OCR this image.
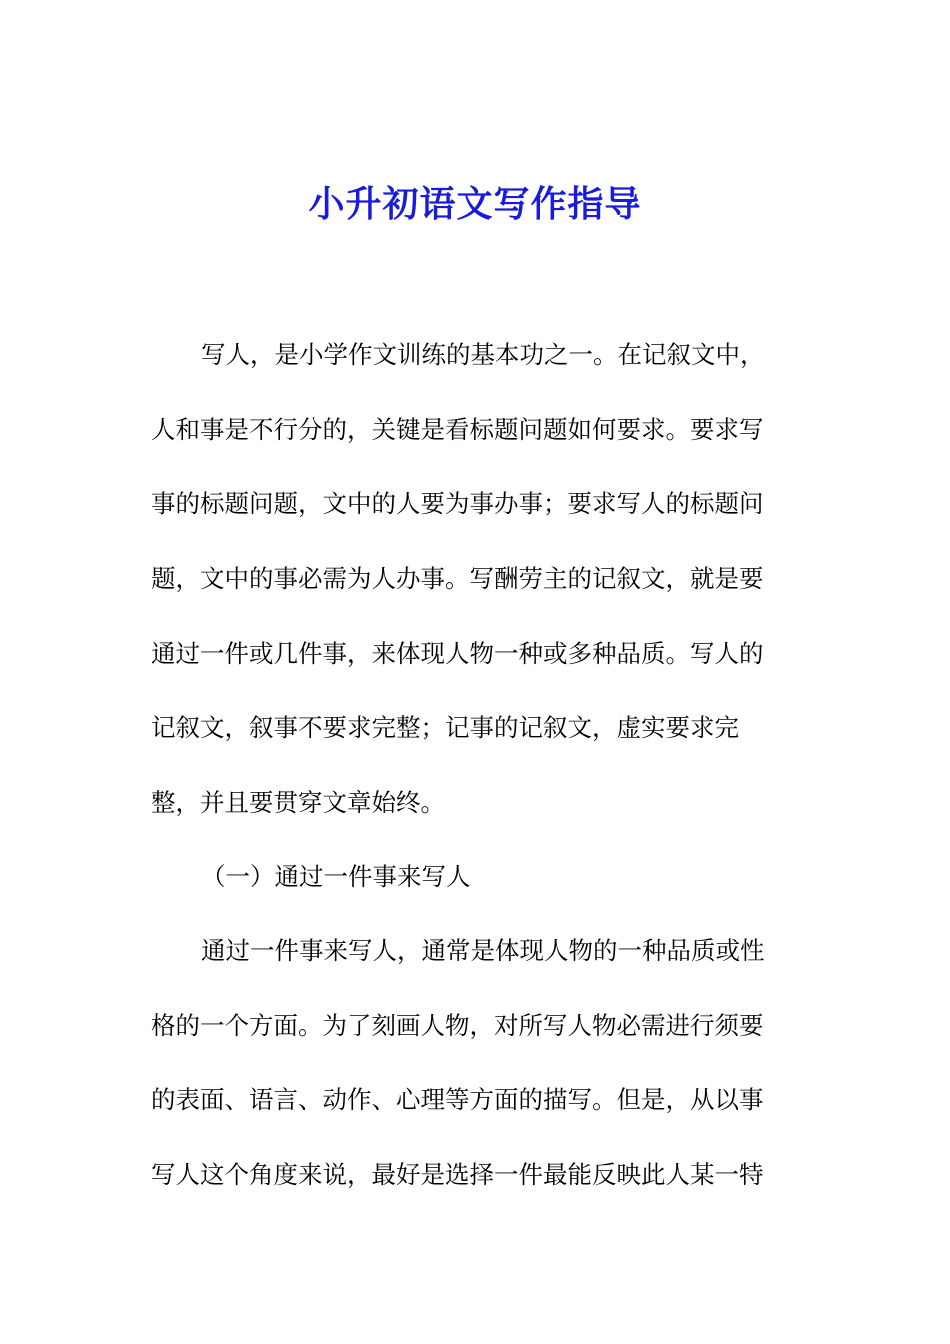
小升初语文写作指导
写人，是小学作文训练的基本功之一。在记叙文中，
人和事是不行分的，关键是看标题问题如何要求。要求写
事的标题问题，文中的人要为事办事；要求写人的标题问
题，文中的事必需为人办事。写酬劳主的记叙文，就是要
通过一件或几件事，来体现人物一种或多种品质。写人的
记叙文，叙事不要求完整；记事的记叙文，虚实要求完
整，并且要贯穿文章始终。
（一）通过一件事来写人
通过一件事来写人，通常是体现人物的一种品质或性
格的一个方面。为了刻画人物，对所写人物必需进行须要
的表面、语言、动作、心理等方面的描写。但是，从以事
写人这个角度来说，最好是选择一件最能反映此人某一特
